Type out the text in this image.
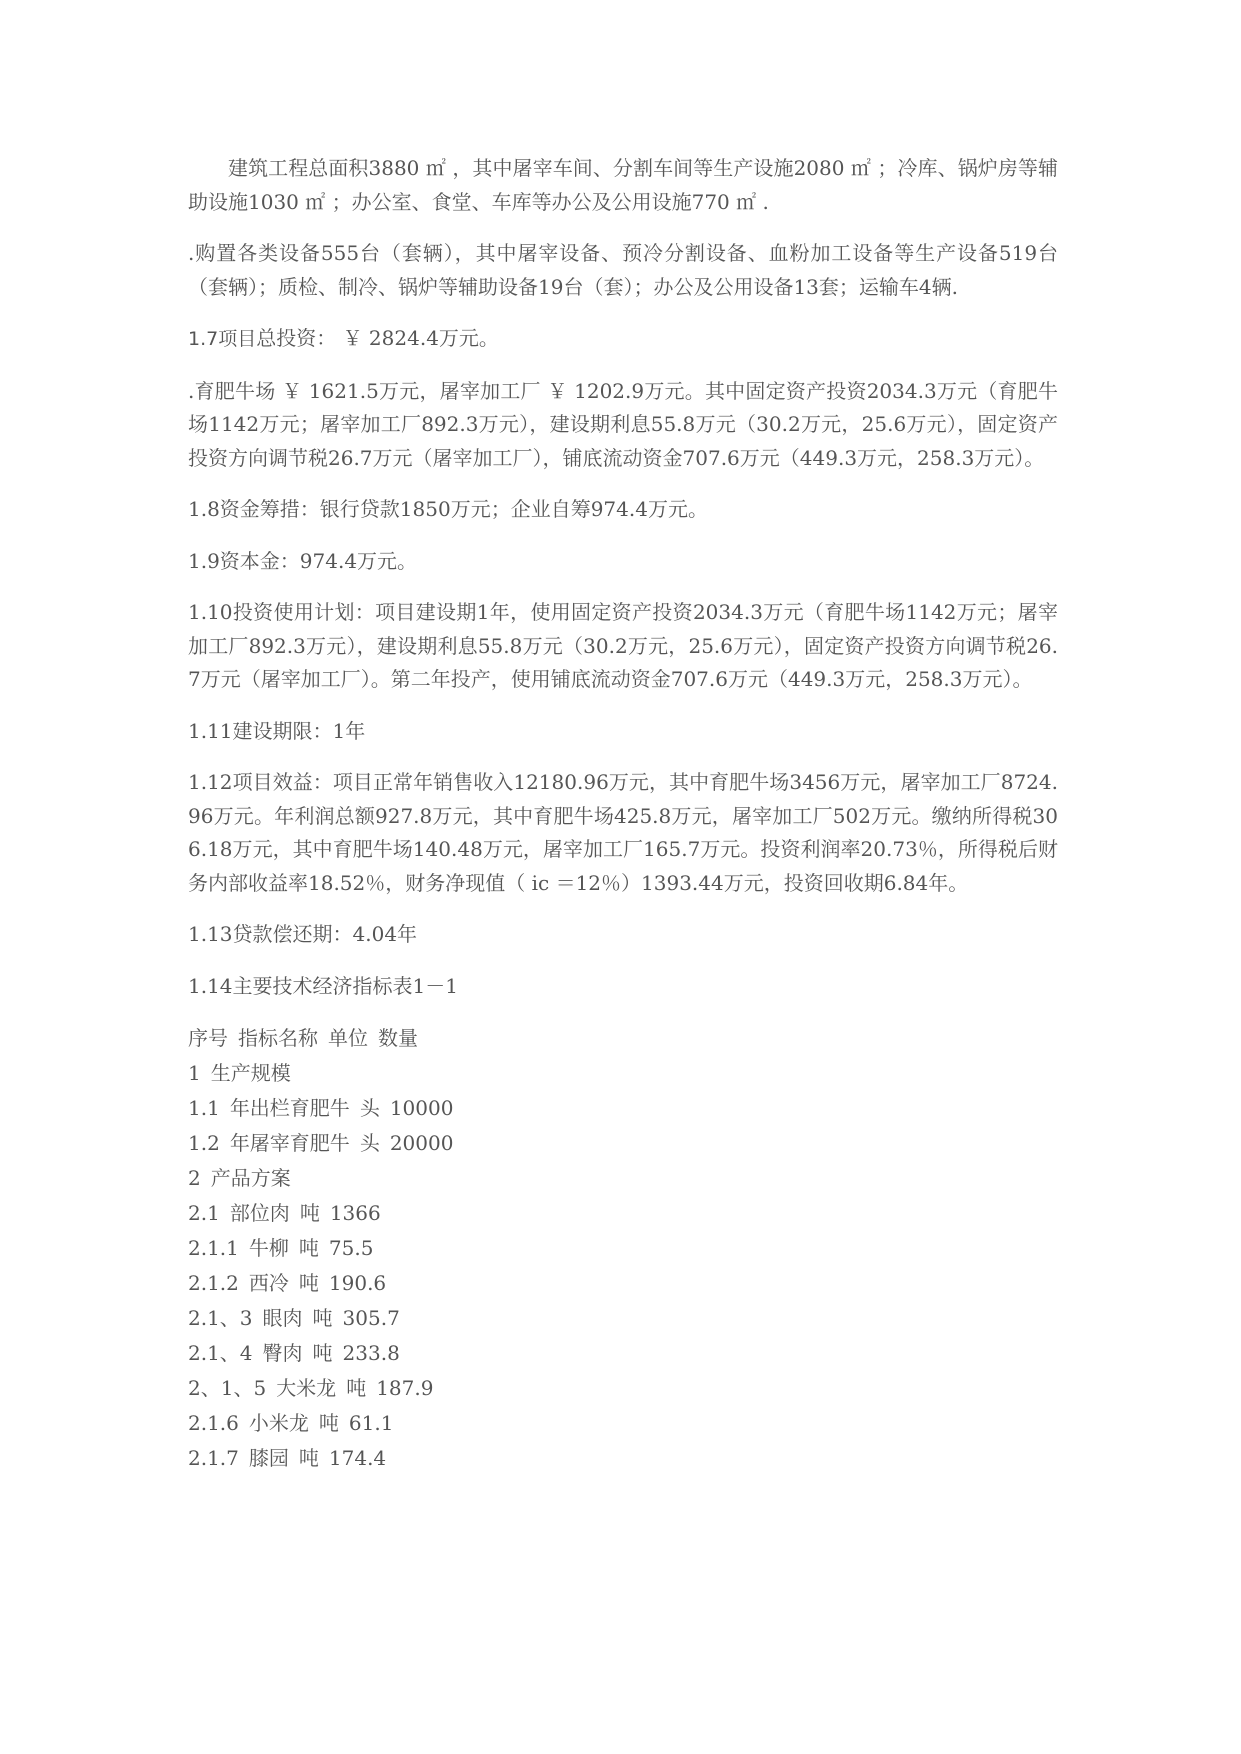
建筑工程总面积3880 ㎡ ，其中屠宰车间、分割车间等生产设施2080 ㎡ ；冷库、锅炉房等辅助设施1030 ㎡ ；办公室、食堂、车库等办公及公用设施770 ㎡ .

.购置各类设备555台（套辆），其中屠宰设备、预冷分割设备、血粉加工设备等生产设备519台（套辆）；质检、制冷、锅炉等辅助设备19台（套）；办公及公用设备13套；运输车4辆.

1.7项目总投资： ￥ 2824.4万元。

.育肥牛场 ￥ 1621.5万元，屠宰加工厂 ￥ 1202.9万元。其中固定资产投资2034.3万元（育肥牛场1142万元；屠宰加工厂892.3万元），建设期利息55.8万元（30.2万元，25.6万元），固定资产投资方向调节税26.7万元（屠宰加工厂），铺底流动资金707.6万元（449.3万元，258.3万元）。

1.8资金筹措：银行贷款1850万元；企业自筹974.4万元。

1.9资本金：974.4万元。

1.10投资使用计划：项目建设期1年，使用固定资产投资2034.3万元（育肥牛场1142万元；屠宰加工厂892.3万元），建设期利息55.8万元（30.2万元，25.6万元），固定资产投资方向调节税26.7万元（屠宰加工厂）。第二年投产，使用铺底流动资金707.6万元（449.3万元，258.3万元）。

1.11建设期限：1年

1.12项目效益：项目正常年销售收入12180.96万元，其中育肥牛场3456万元，屠宰加工厂8724.96万元。年利润总额927.8万元，其中育肥牛场425.8万元，屠宰加工厂502万元。缴纳所得税306.18万元，其中育肥牛场140.48万元，屠宰加工厂165.7万元。投资利润率20.73％，所得税后财务内部收益率18.52％，财务净现值（ ic ＝12％）1393.44万元，投资回收期6.84年。

1.13贷款偿还期：4.04年

1.14主要技术经济指标表1－1

序号 指标名称 单位 数量
1 生产规模
1.1 年出栏育肥牛 头 10000
1.2 年屠宰育肥牛 头 20000
2 产品方案
2.1 部位肉 吨 1366
2.1.1 牛柳 吨 75.5
2.1.2 西冷 吨 190.6
2.1、3 眼肉 吨 305.7
2.1、4 臀肉 吨 233.8
2、1、5 大米龙 吨 187.9
2.1.6 小米龙 吨 61.1
2.1.7 膝园 吨 174.4
